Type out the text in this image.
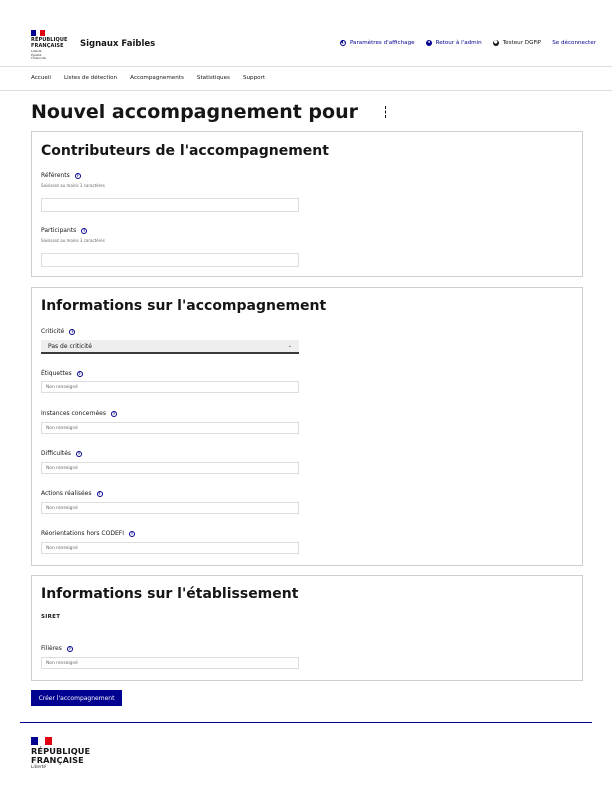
RÉPUBLIQUE
FRANÇAISE
Liberté
Égalité
Fraternité
Signaux Faibles	◐ Paramètres d'affichage	◂	Retour à l'admin	● Testeur DGFiP Se déconnecter
Accueil Listes de détection Accompagnements Statistiques Support
Nouvel accompagnement pour
Contributeurs de l'accompagnement
Référents	?
Saisissez au moins 3 caractères
Participants	?
Saisissez au moins 3 caractères
Informations sur l'accompagnement
Criticité	?
Pas de criticité	⌄
Étiquettes	?
Non renseigné
Instances concernées	?
Non renseigné
Difficultés	?
Non renseigné
Actions réalisées	?
Non renseigné
Réorientations hors CODEFI	?
Non renseigné
Informations sur l'établissement
SIRET
Filières	?
Non renseigné
Créer l'accompagnement
RÉPUBLIQUE
FRANÇAISE
Liberté
